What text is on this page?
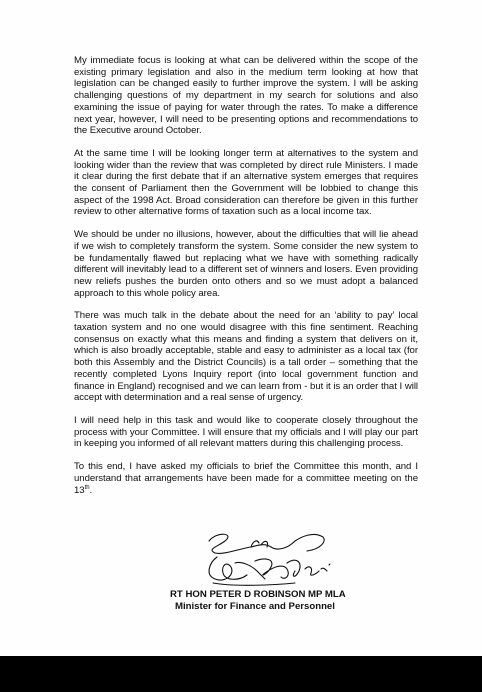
My immediate focus is looking at what can be delivered within the scope of the existing primary legislation and also in the medium term looking at how that legislation can be changed easily to further improve the system. I will be asking challenging questions of my department in my search for solutions and also examining the issue of paying for water through the rates. To make a difference next year, however, I will need to be presenting options and recommendations to the Executive around October.

At the same time I will be looking longer term at alternatives to the system and looking wider than the review that was completed by direct rule Ministers. I made it clear during the first debate that if an alternative system emerges that requires the consent of Parliament then the Government will be lobbied to change this aspect of the 1998 Act. Broad consideration can therefore be given in this further review to other alternative forms of taxation such as a local income tax.

We should be under no illusions, however, about the difficulties that will lie ahead if we wish to completely transform the system. Some consider the new system to be fundamentally flawed but replacing what we have with something radically different will inevitably lead to a different set of winners and losers. Even providing new reliefs pushes the burden onto others and so we must adopt a balanced approach to this whole policy area.

There was much talk in the debate about the need for an ‘ability to pay’ local taxation system and no one would disagree with this fine sentiment. Reaching consensus on exactly what this means and finding a system that delivers on it, which is also broadly acceptable, stable and easy to administer as a local tax (for both this Assembly and the District Councils) is a tall order – something that the recently completed Lyons Inquiry report (into local government function and finance in England) recognised and we can learn from - but it is an order that I will accept with determination and a real sense of urgency.

I will need help in this task and would like to cooperate closely throughout the process with your Committee. I will ensure that my officials and I will play our part in keeping you informed of all relevant matters during this challenging process.

To this end, I have asked my officials to brief the Committee this month, and I understand that arrangements have been made for a committee meeting on the 13th.

RT HON PETER D ROBINSON MP MLA
Minister for Finance and Personnel
